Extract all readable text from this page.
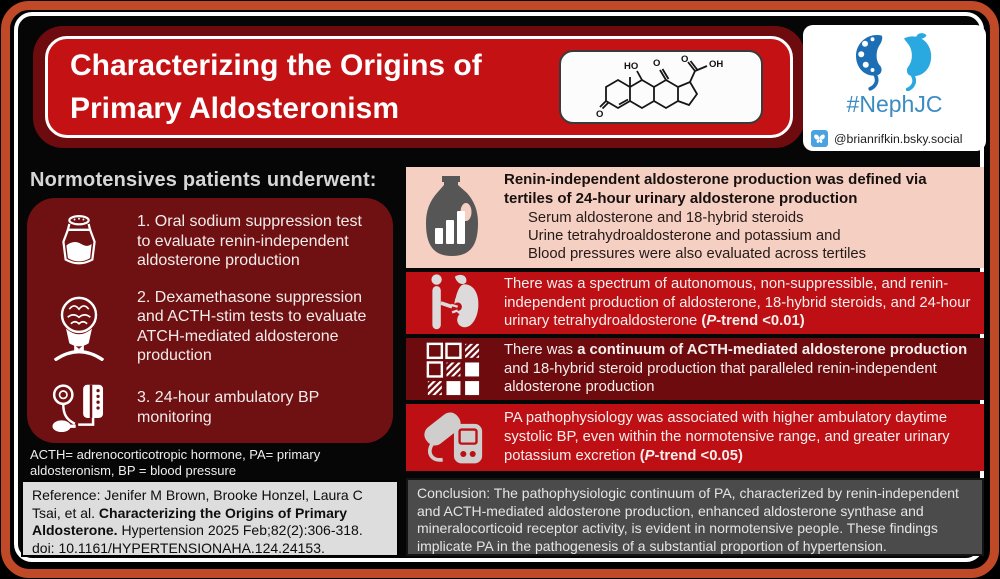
Characterizing the Origins of Primary Aldosteronism	O
HO O O OH
#NephJC
@brianrifkin.bsky.social
Normotensives patients underwent:
1. Oral sodium suppression test to evaluate renin-independent aldosterone production
2. Dexamethasone suppression and ACTH-stim tests to evaluate ATCH-mediated aldosterone production
3. 24-hour ambulatory BP monitoring
ACTH= adrenocorticotropic hormone, PA= primary aldosteronism, BP = blood pressure
Reference: Jenifer M Brown, Brooke Honzel, Laura C Tsai, et al. Characterizing the Origins of Primary Aldosterone. Hypertension 2025 Feb;82(2):306-318. doi: 10.1161/HYPERTENSIONAHA.124.24153.
Renin-independent aldosterone production was defined via tertiles of 24-hour urinary aldosterone production
Serum aldosterone and 18-hybrid steroids
Urine tetrahydroaldosterone and potassium and
Blood pressures were also evaluated across tertiles
There was a spectrum of autonomous, non-suppressible, and renin-independent production of aldosterone, 18-hybrid steroids, and 24-hour urinary tetrahydroaldosterone (P-trend <0.01)
There was a continuum of ACTH-mediated aldosterone production and 18-hybrid steroid production that paralleled renin-independent aldosterone production
PA pathophysiology was associated with higher ambulatory daytime systolic BP, even within the normotensive range, and greater urinary potassium excretion (P-trend <0.05)
Conclusion: The pathophysiologic continuum of PA, characterized by renin-independent and ACTH-mediated aldosterone production, enhanced aldosterone synthase and mineralocorticoid receptor activity, is evident in normotensive people. These findings implicate PA in the pathogenesis of a substantial proportion of hypertension.
